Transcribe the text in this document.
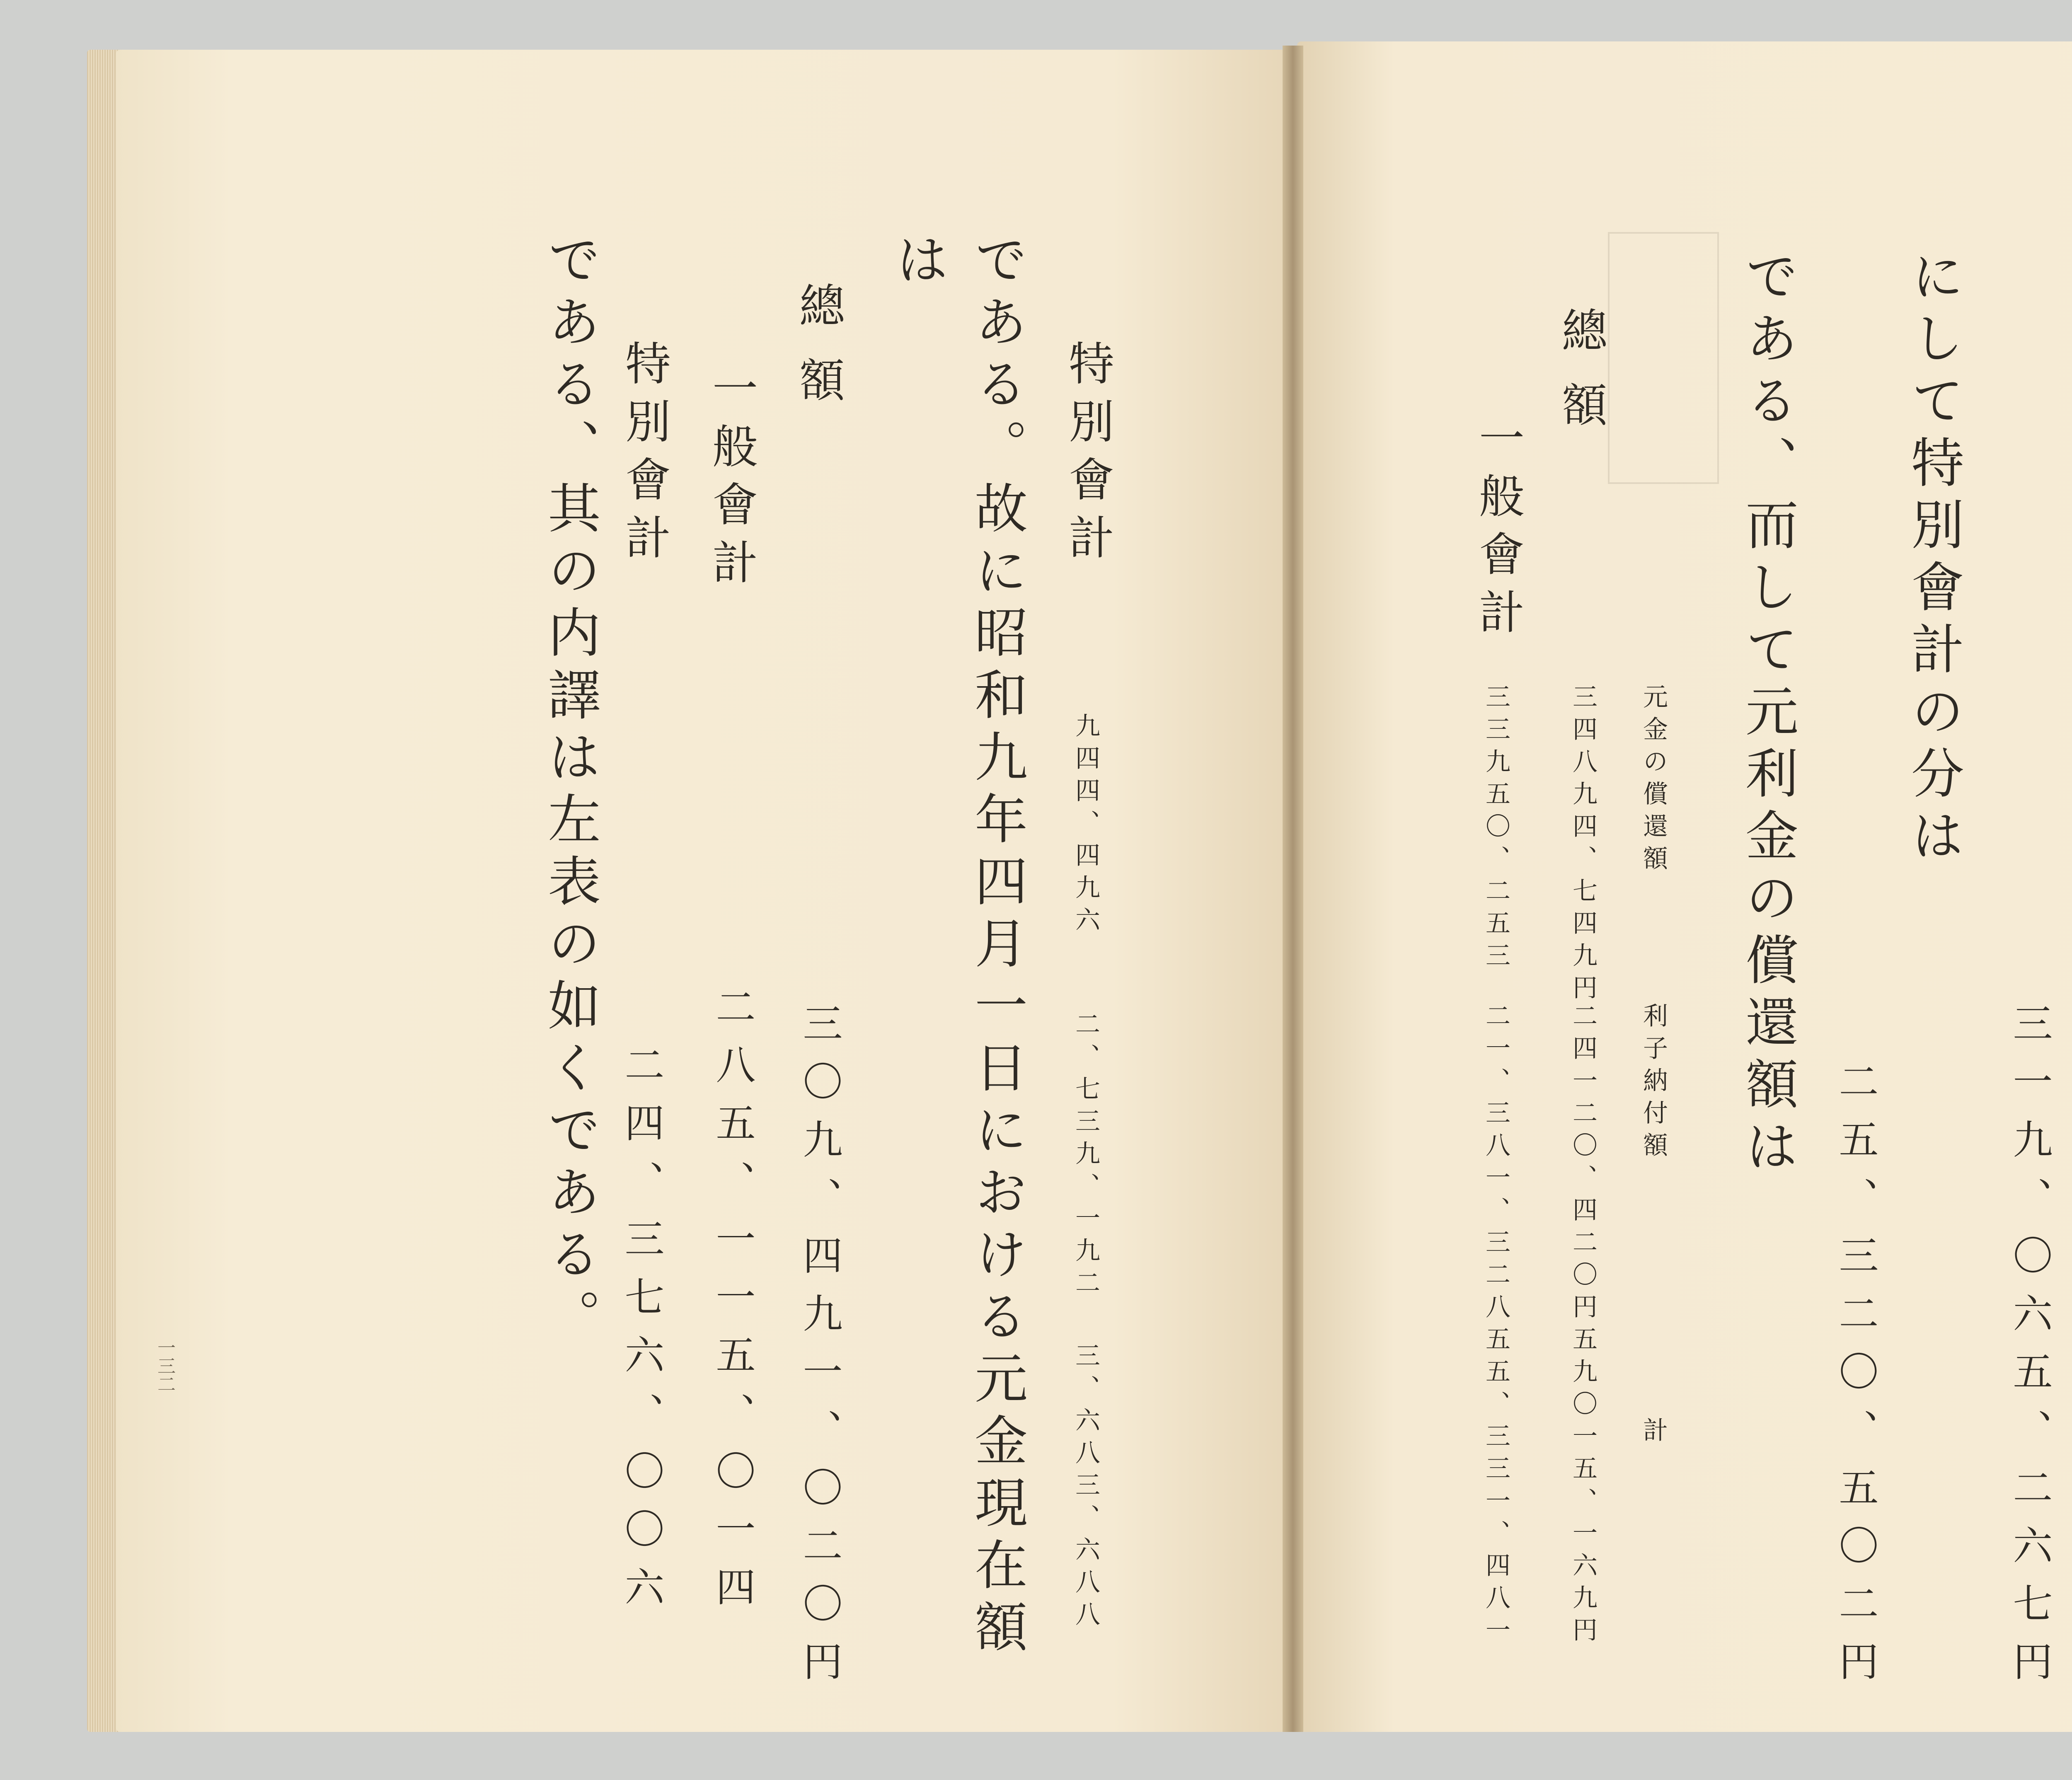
三一九、〇六五、二六七円
にして特別會計の分は
二五、三二〇、五〇二円
である、而して元利金の償還額は
元金の償還額
利子納付額
計
總額
三四八九四、七四九円
二四一二〇、四二〇円
五九〇一五、一六九円
一般會計
三三九五〇、二五三
二一、三八一、三二八
五五、三三一、四八一
特別會計
九四四、四九六
二、七三九、一九二
三、六八三、六八八
である。故に昭和九年四月一日における元金現在額
は
總額
三〇九、四九一、〇二〇円
一般會計
二八五、一一五、〇一四
特別會計
二四、三七六、〇〇六
である、其の内譯は左表の如くである。
一三二
